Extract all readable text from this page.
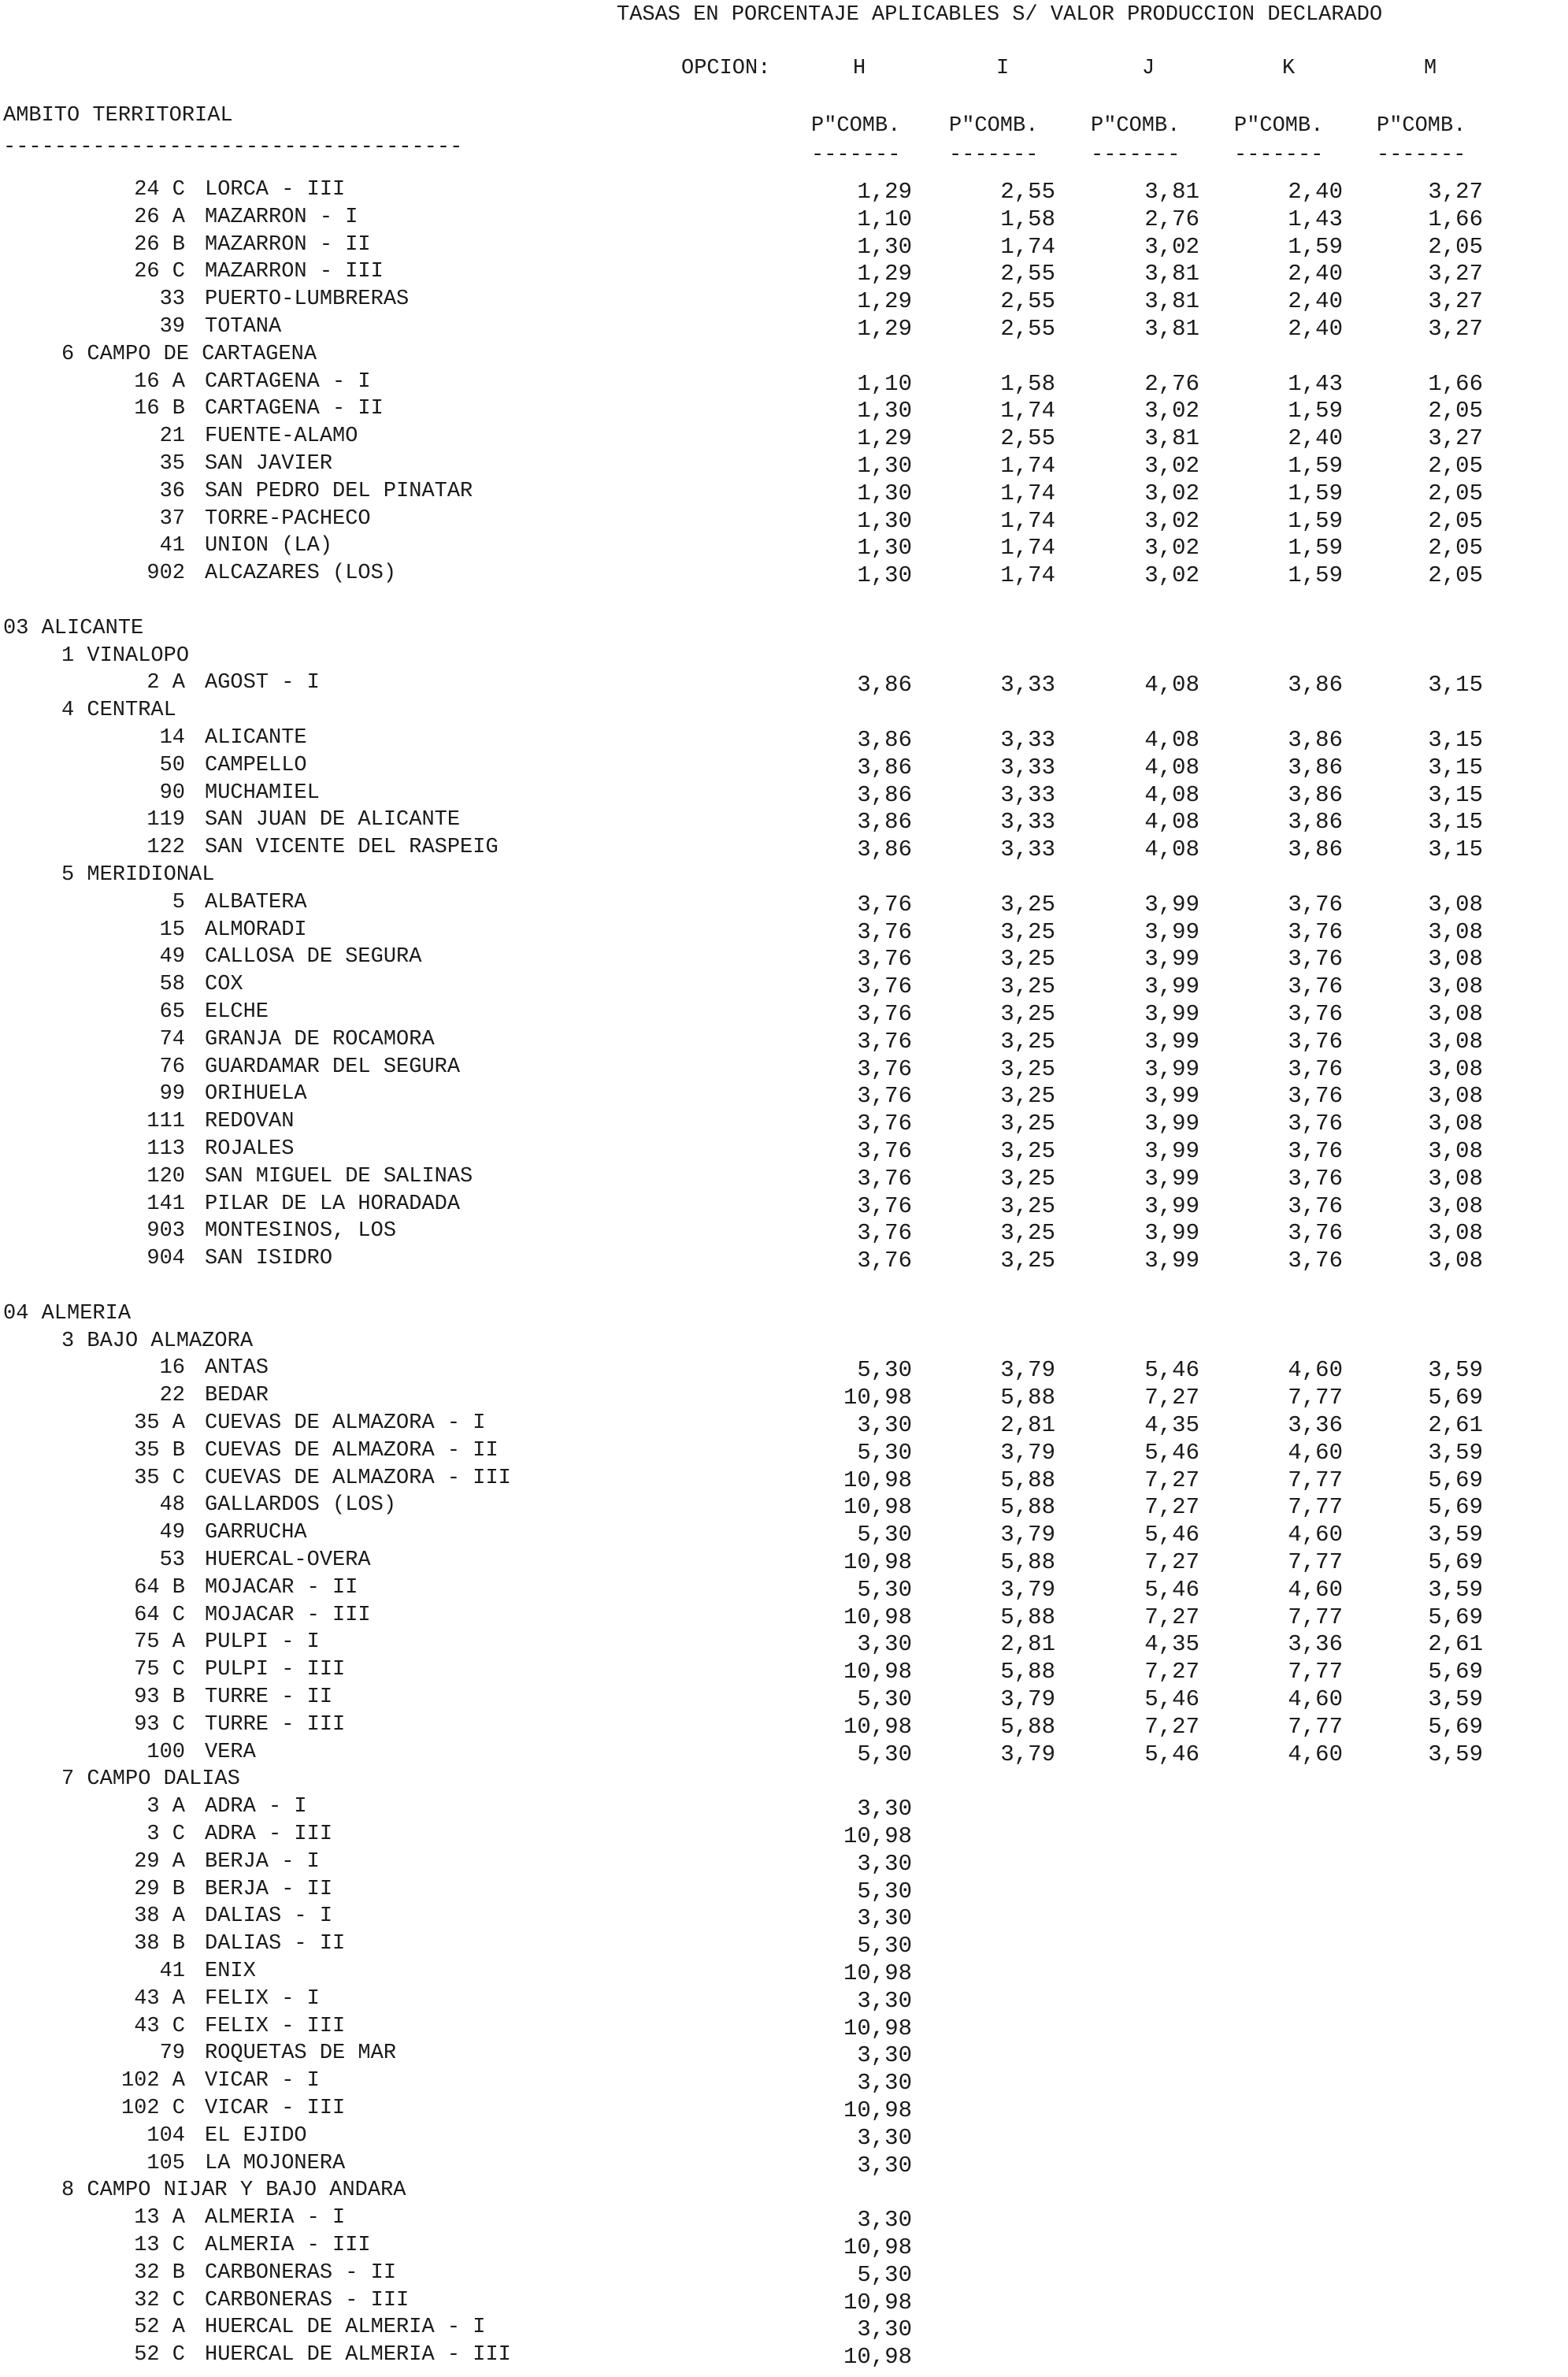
TASAS EN PORCENTAJE APLICABLES S/ VALOR PRODUCCION DECLARADO
OPCION:	H	I	J	K	M
AMBITO TERRITORIAL
------------------------------------
P"COMB. P"COMB. P"COMB.	P"COMB.	P"COMB.
------- ------- -------	-------	-------
24 C LORCA - III	1,29	2,55	3,81	2,40	3,27
26 A MAZARRON - I	1,10	1,58	2,76	1,43	1,66
26 B MAZARRON - II	1,30	1,74	3,02	1,59	2,05
26 C MAZARRON - III	1,29	2,55	3,81	2,40	3,27
33 PUERTO-LUMBRERAS	1,29	2,55	3,81	2,40	3,27
39 TOTANA	1,29	2,55	3,81	2,40	3,27
6 CAMPO DE CARTAGENA
16 A CARTAGENA - I	1,10	1,58	2,76	1,43	1,66
16 B CARTAGENA - II	1,30	1,74	3,02	1,59	2,05
21 FUENTE-ALAMO	1,29	2,55	3,81	2,40	3,27
35 SAN JAVIER	1,30	1,74	3,02	1,59	2,05
36 SAN PEDRO DEL PINATAR	1,30	1,74	3,02	1,59	2,05
37 TORRE-PACHECO	1,30	1,74	3,02	1,59	2,05
41 UNION (LA)	1,30	1,74	3,02	1,59	2,05
902 ALCAZARES (LOS)	1,30	1,74	3,02	1,59	2,05
03 ALICANTE
1 VINALOPO
2 A AGOST - I	3,86	3,33	4,08	3,86	3,15
4 CENTRAL
14 ALICANTE	3,86	3,33	4,08	3,86	3,15
50 CAMPELLO	3,86	3,33	4,08	3,86	3,15
90 MUCHAMIEL	3,86	3,33	4,08	3,86	3,15
119 SAN JUAN DE ALICANTE	3,86	3,33	4,08	3,86	3,15
122 SAN VICENTE DEL RASPEIG	3,86	3,33	4,08	3,86	3,15
5 MERIDIONAL
5 ALBATERA	3,76	3,25	3,99	3,76	3,08
15 ALMORADI	3,76	3,25	3,99	3,76	3,08
49 CALLOSA DE SEGURA	3,76	3,25	3,99	3,76	3,08
58 COX	3,76	3,25	3,99	3,76	3,08
65 ELCHE	3,76	3,25	3,99	3,76	3,08
74 GRANJA DE ROCAMORA	3,76	3,25	3,99	3,76	3,08
76 GUARDAMAR DEL SEGURA	3,76	3,25	3,99	3,76	3,08
99 ORIHUELA	3,76	3,25	3,99	3,76	3,08
111 REDOVAN	3,76	3,25	3,99	3,76	3,08
113 ROJALES	3,76	3,25	3,99	3,76	3,08
120 SAN MIGUEL DE SALINAS	3,76	3,25	3,99	3,76	3,08
141 PILAR DE LA HORADADA	3,76	3,25	3,99	3,76	3,08
903 MONTESINOS, LOS	3,76	3,25	3,99	3,76	3,08
904 SAN ISIDRO	3,76	3,25	3,99	3,76	3,08
04 ALMERIA
3 BAJO ALMAZORA
16 ANTAS	5,30	3,79	5,46	4,60	3,59
22 BEDAR	10,98	5,88	7,27	7,77	5,69
35 A CUEVAS DE ALMAZORA - I	3,30	2,81	4,35	3,36	2,61
35 B CUEVAS DE ALMAZORA - II	5,30	3,79	5,46	4,60	3,59
35 C CUEVAS DE ALMAZORA - III	10,98	5,88	7,27	7,77	5,69
48 GALLARDOS (LOS)	10,98	5,88	7,27	7,77	5,69
49 GARRUCHA	5,30	3,79	5,46	4,60	3,59
53 HUERCAL-OVERA	10,98	5,88	7,27	7,77	5,69
64 B MOJACAR - II	5,30	3,79	5,46	4,60	3,59
64 C MOJACAR - III	10,98	5,88	7,27	7,77	5,69
75 A PULPI - I	3,30	2,81	4,35	3,36	2,61
75 C PULPI - III	10,98	5,88	7,27	7,77	5,69
93 B TURRE - II	5,30	3,79	5,46	4,60	3,59
93 C TURRE - III	10,98	5,88	7,27	7,77	5,69
100 VERA	5,30	3,79	5,46	4,60	3,59
7 CAMPO DALIAS
3 A ADRA - I	3,30
3 C ADRA - III	10,98
29 A BERJA - I	3,30
29 B BERJA - II	5,30
38 A DALIAS - I	3,30
38 B DALIAS - II	5,30
41 ENIX	10,98
43 A FELIX - I	3,30
43 C FELIX - III	10,98
79 ROQUETAS DE MAR	3,30
102 A VICAR - I	3,30
102 C VICAR - III	10,98
104 EL EJIDO	3,30
105 LA MOJONERA	3,30
8 CAMPO NIJAR Y BAJO ANDARA
13 A ALMERIA - I	3,30
13 C ALMERIA - III	10,98
32 B CARBONERAS - II	5,30
32 C CARBONERAS - III	10,98
52 A HUERCAL DE ALMERIA - I	3,30
52 C HUERCAL DE ALMERIA - III	10,98
